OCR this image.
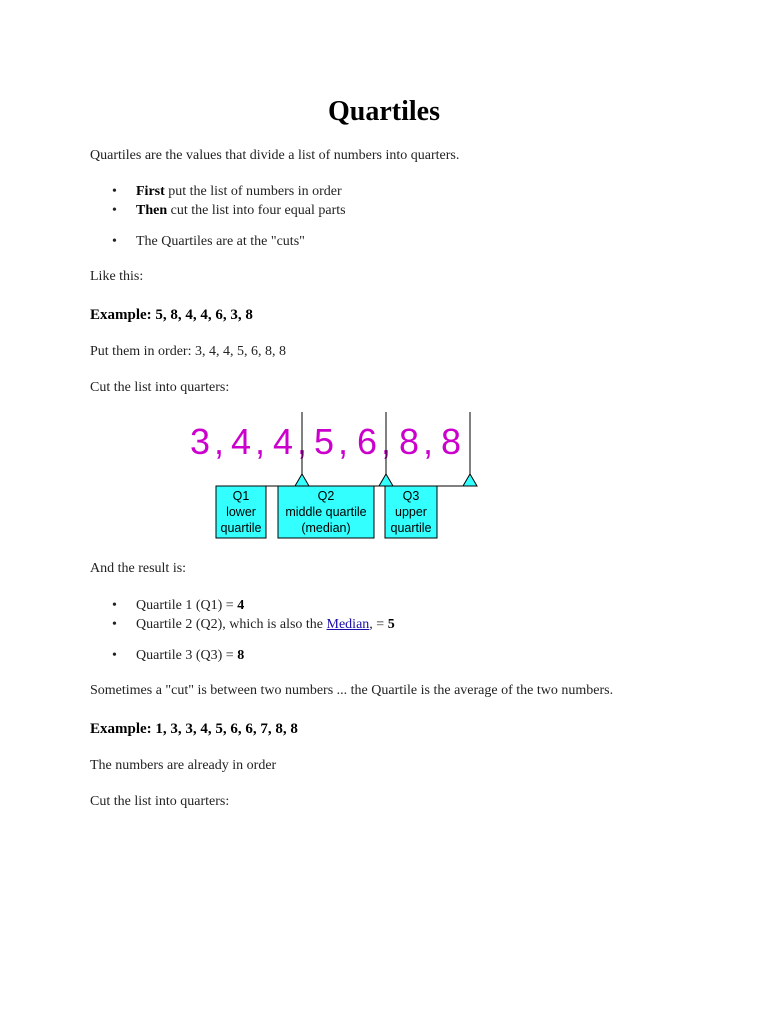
Quartiles

Quartiles are the values that divide a list of numbers into quarters.

• First put the list of numbers in order
• Then cut the list into four equal parts
• The Quartiles are at the "cuts"

Like this:

Example: 5, 8, 4, 4, 6, 3, 8

Put them in order: 3, 4, 4, 5, 6, 8, 8

Cut the list into quarters:

3 4 4 5 6 8 8
, , , , , ,
Q1
lower
quartile
Q2
middle quartile
(median)
Q3
upper
quartile

And the result is:

• Quartile 1 (Q1) = 4
• Quartile 2 (Q2), which is also the Median, = 5
• Quartile 3 (Q3) = 8

Sometimes a "cut" is between two numbers ... the Quartile is the average of the two numbers.

Example: 1, 3, 3, 4, 5, 6, 6, 7, 8, 8

The numbers are already in order

Cut the list into quarters:
